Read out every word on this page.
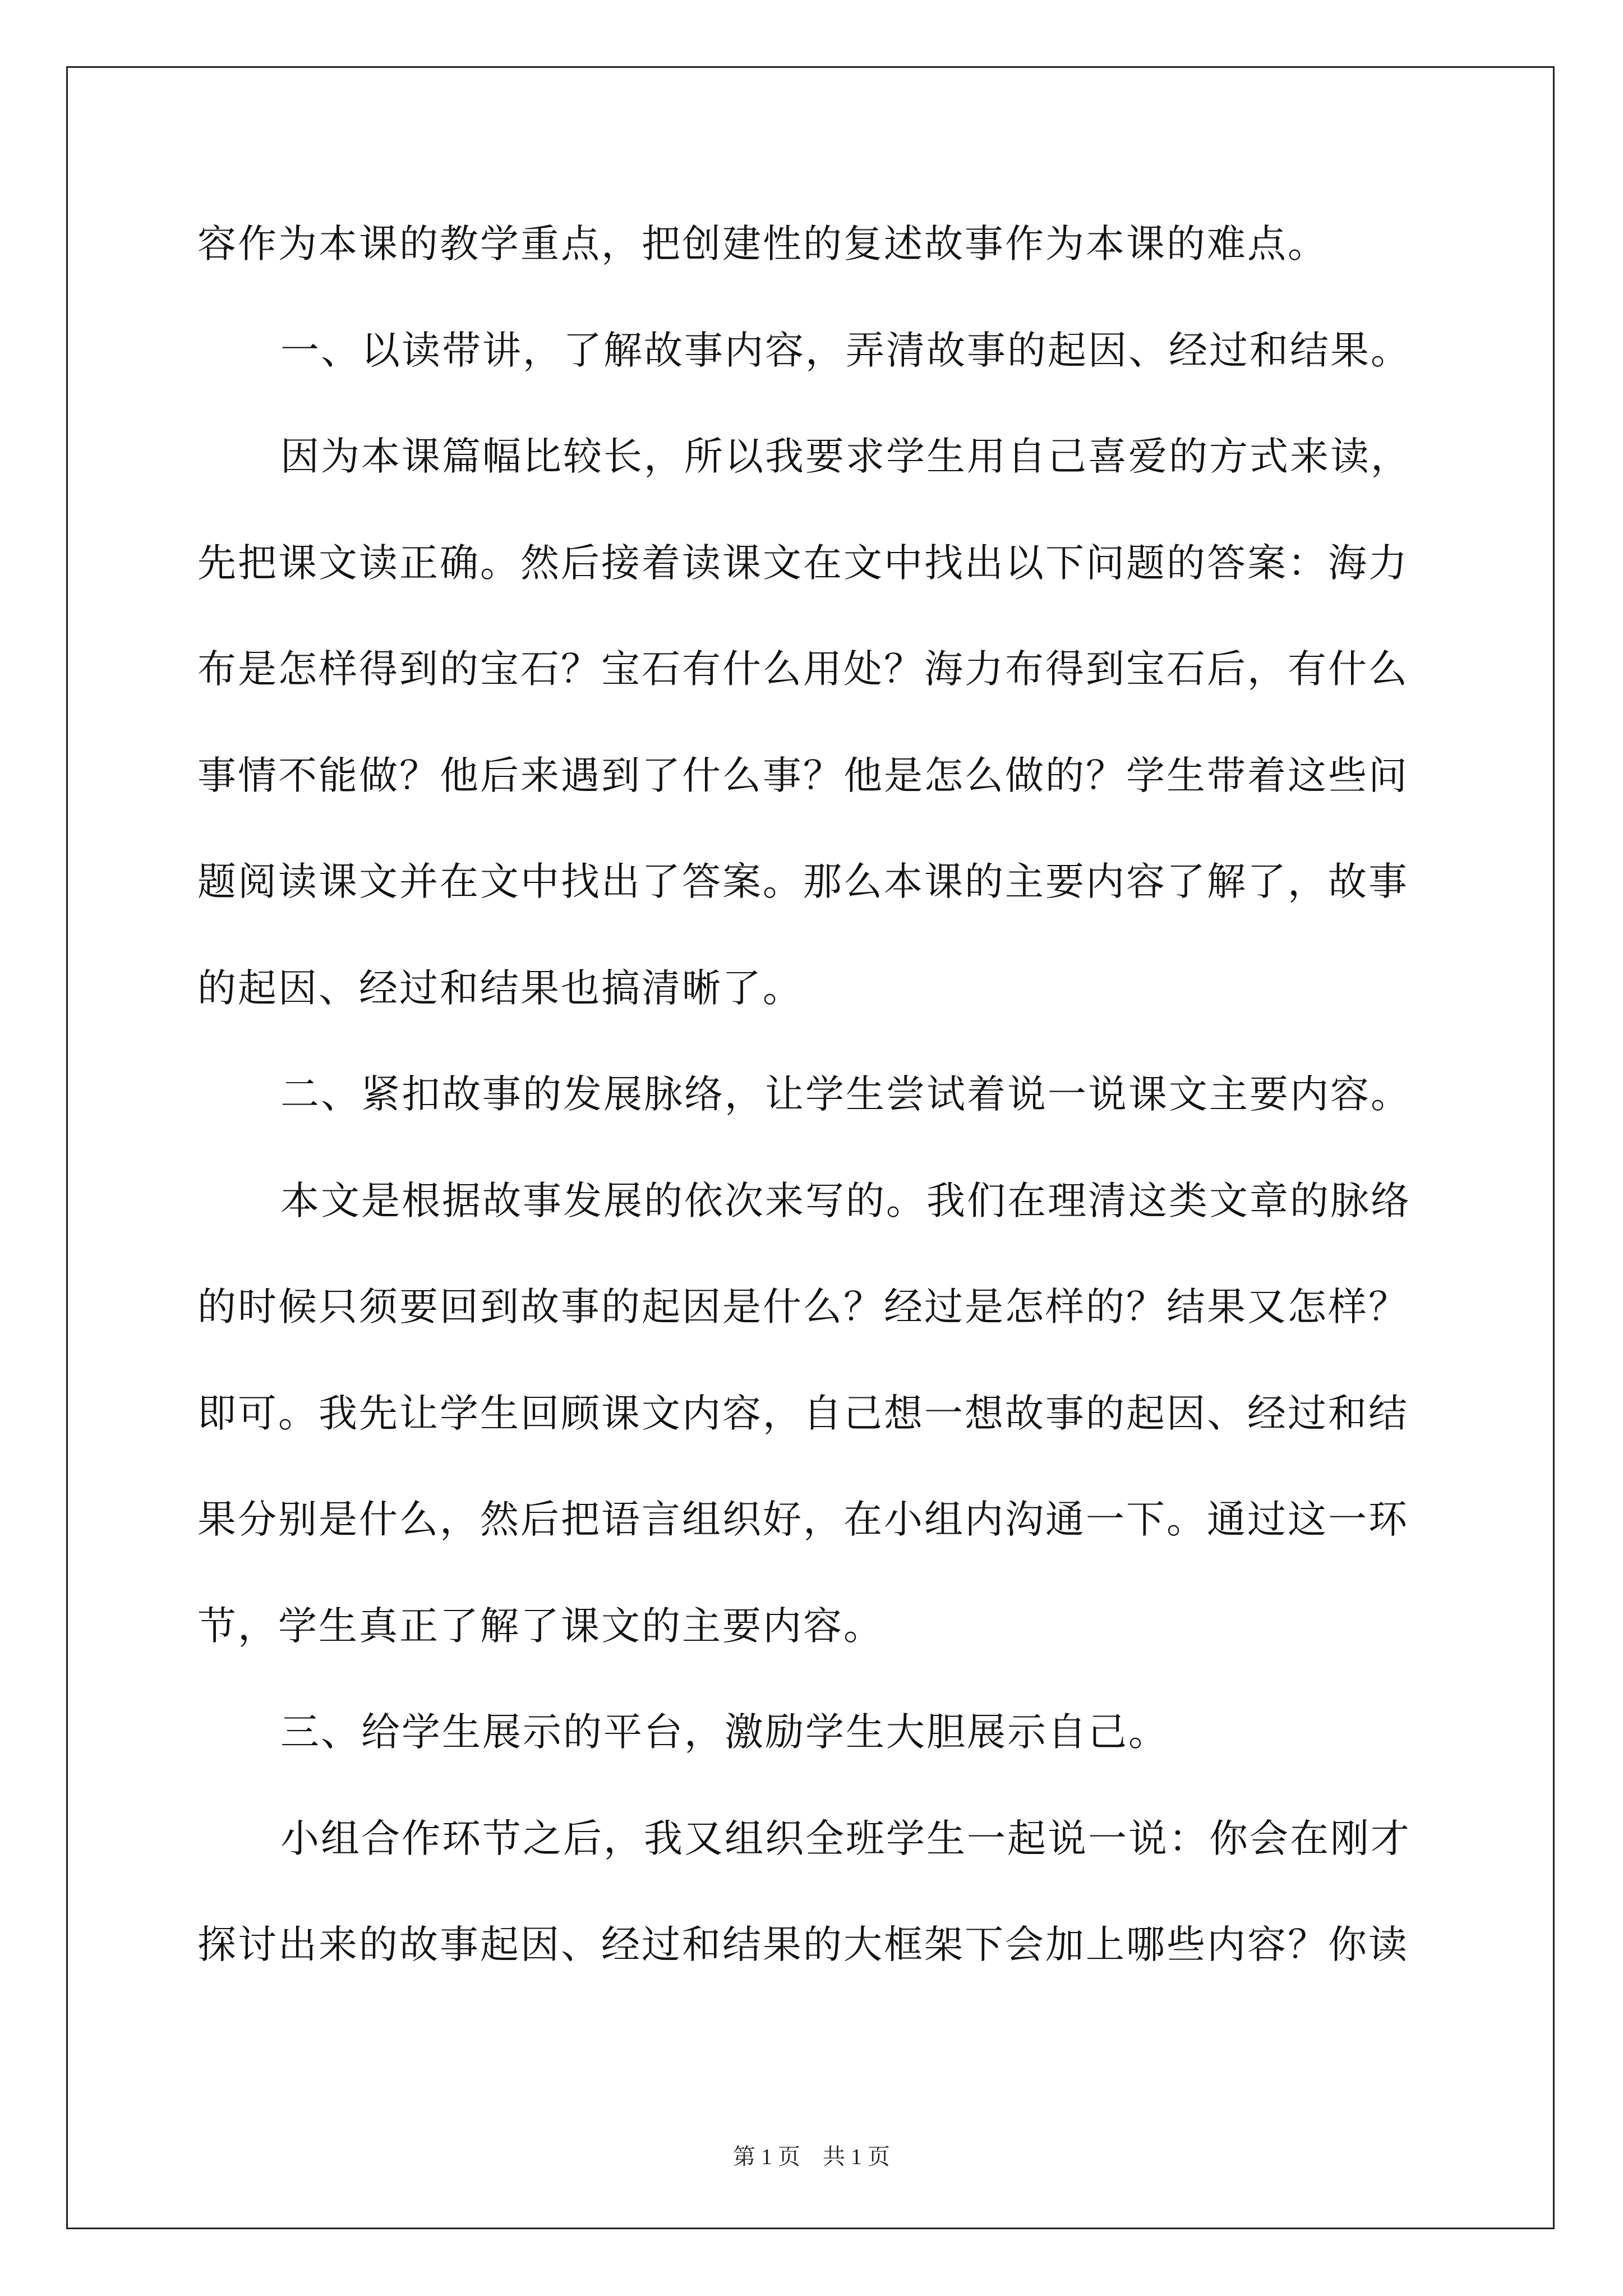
容作为本课的教学重点，把创建性的复述故事作为本课的难点。

一、以读带讲，了解故事内容，弄清故事的起因、经过和结果。

因为本课篇幅比较长，所以我要求学生用自己喜爱的方式来读，

先把课文读正确。然后接着读课文在文中找出以下问题的答案：海力

布是怎样得到的宝石？宝石有什么用处？海力布得到宝石后，有什么

事情不能做？他后来遇到了什么事？他是怎么做的？学生带着这些问

题阅读课文并在文中找出了答案。那么本课的主要内容了解了，故事

的起因、经过和结果也搞清晰了。

二、紧扣故事的发展脉络，让学生尝试着说一说课文主要内容。

本文是根据故事发展的依次来写的。我们在理清这类文章的脉络

的时候只须要回到故事的起因是什么？经过是怎样的？结果又怎样？

即可。我先让学生回顾课文内容，自己想一想故事的起因、经过和结

果分别是什么，然后把语言组织好，在小组内沟通一下。通过这一环

节，学生真正了解了课文的主要内容。

三、给学生展示的平台，激励学生大胆展示自己。

小组合作环节之后，我又组织全班学生一起说一说：你会在刚才

探讨出来的故事起因、经过和结果的大框架下会加上哪些内容？你读

第 1 页　共 1 页
